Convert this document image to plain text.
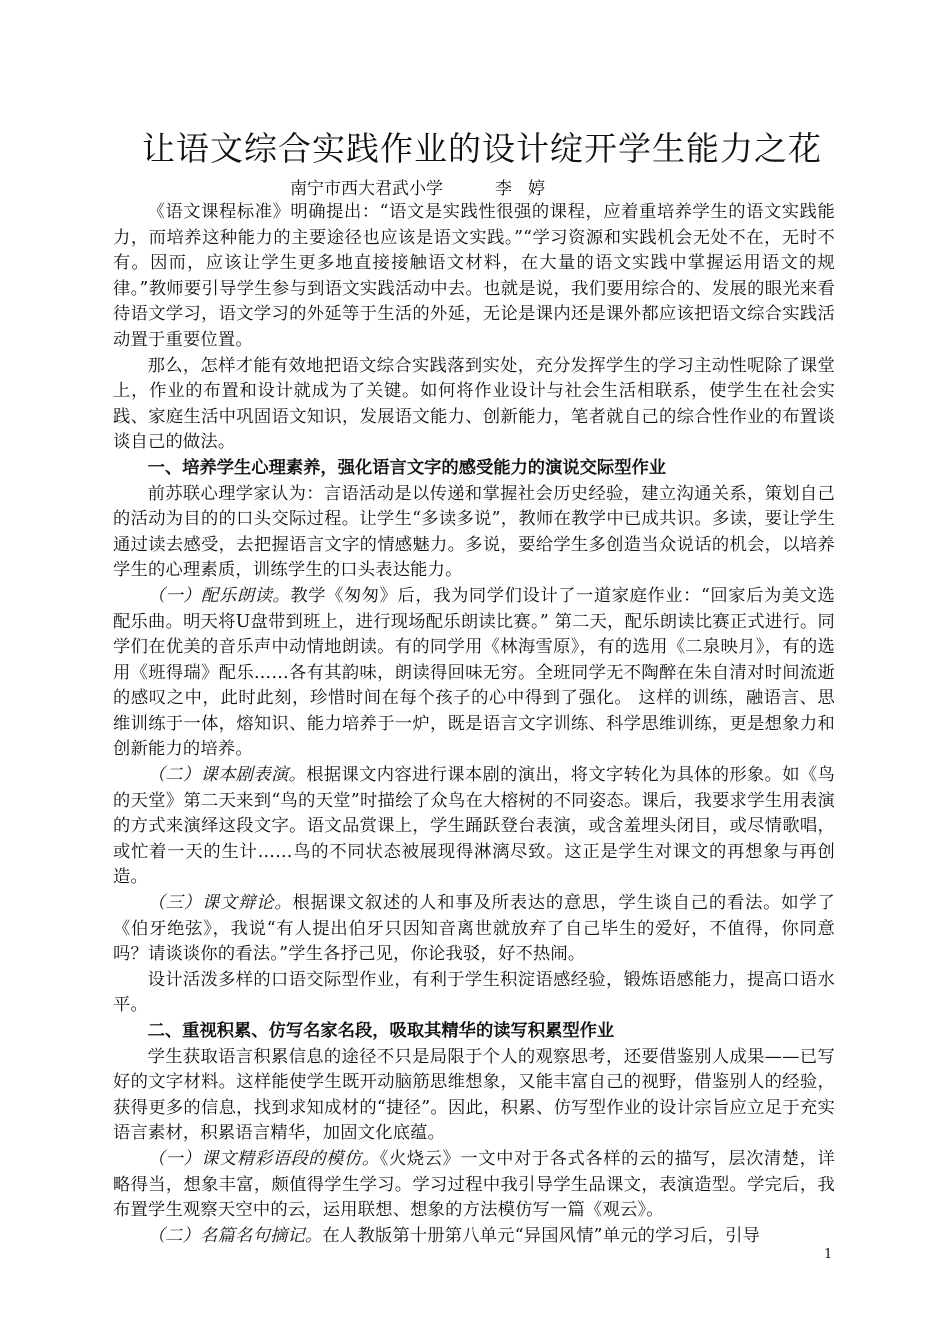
让语文综合实践作业的设计绽开学生能力之花
南宁市西大君武小学	李婷

《语文课程标准》明确提出：“语文是实践性很强的课程，应着重培养学生的语文实践能力，而培养这种能力的主要途径也应该是语文实践。”“学习资源和实践机会无处不在，无时不有。因而，应该让学生更多地直接接触语文材料，在大量的语文实践中掌握运用语文的规律。”教师要引导学生参与到语文实践活动中去。也就是说，我们要用综合的、发展的眼光来看待语文学习，语文学习的外延等于生活的外延，无论是课内还是课外都应该把语文综合实践活动置于重要位置。

那么，怎样才能有效地把语文综合实践落到实处，充分发挥学生的学习主动性呢除了课堂上，作业的布置和设计就成为了关键。如何将作业设计与社会生活相联系，使学生在社会实践、家庭生活中巩固语文知识，发展语文能力、创新能力，笔者就自己的综合性作业的布置谈谈自己的做法。

一、培养学生心理素养，强化语言文字的感受能力的演说交际型作业

前苏联心理学家认为：言语活动是以传递和掌握社会历史经验，建立沟通关系，策划自己的活动为目的的口头交际过程。让学生“多读多说”，教师在教学中已成共识。多读，要让学生通过读去感受，去把握语言文字的情感魅力。多说，要给学生多创造当众说话的机会，以培养学生的心理素质，训练学生的口头表达能力。

（一）配乐朗读。教学《匆匆》后，我为同学们设计了一道家庭作业：“回家后为美文选配乐曲。明天将U盘带到班上，进行现场配乐朗读比赛。” 第二天，配乐朗读比赛正式进行。同学们在优美的音乐声中动情地朗读。有的同学用《林海雪原》，有的选用《二泉映月》，有的选用《班得瑞》配乐……各有其韵味，朗读得回味无穷。全班同学无不陶醉在朱自清对时间流逝的感叹之中，此时此刻，珍惜时间在每个孩子的心中得到了强化。 这样的训练，融语言、思维训练于一体，熔知识、能力培养于一炉，既是语言文字训练、科学思维训练，更是想象力和创新能力的培养。

（二）课本剧表演。根据课文内容进行课本剧的演出，将文字转化为具体的形象。如《鸟的天堂》第二天来到“鸟的天堂”时描绘了众鸟在大榕树的不同姿态。课后，我要求学生用表演的方式来演绎这段文字。语文品赏课上，学生踊跃登台表演，或含羞埋头闭目，或尽情歌唱，或忙着一天的生计……鸟的不同状态被展现得淋漓尽致。这正是学生对课文的再想象与再创造。

（三）课文辩论。根据课文叙述的人和事及所表达的意思，学生谈自己的看法。如学了《伯牙绝弦》，我说“有人提出伯牙只因知音离世就放弃了自己毕生的爱好，不值得，你同意吗？请谈谈你的看法。”学生各抒己见，你论我驳，好不热闹。

设计活泼多样的口语交际型作业，有利于学生积淀语感经验，锻炼语感能力，提高口语水平。

二、重视积累、仿写名家名段，吸取其精华的读写积累型作业

学生获取语言积累信息的途径不只是局限于个人的观察思考，还要借鉴别人成果——已写好的文字材料。这样能使学生既开动脑筋思维想象，又能丰富自己的视野，借鉴别人的经验，获得更多的信息，找到求知成材的“捷径”。因此，积累、仿写型作业的设计宗旨应立足于充实语言素材，积累语言精华，加固文化底蕴。

（一）课文精彩语段的模仿。《火烧云》一文中对于各式各样的云的描写，层次清楚，详略得当，想象丰富，颇值得学生学习。学习过程中我引导学生品课文，表演造型。学完后，我布置学生观察天空中的云，运用联想、想象的方法模仿写一篇《观云》。

（二）名篇名句摘记。在人教版第十册第八单元“异国风情”单元的学习后，引导

1
